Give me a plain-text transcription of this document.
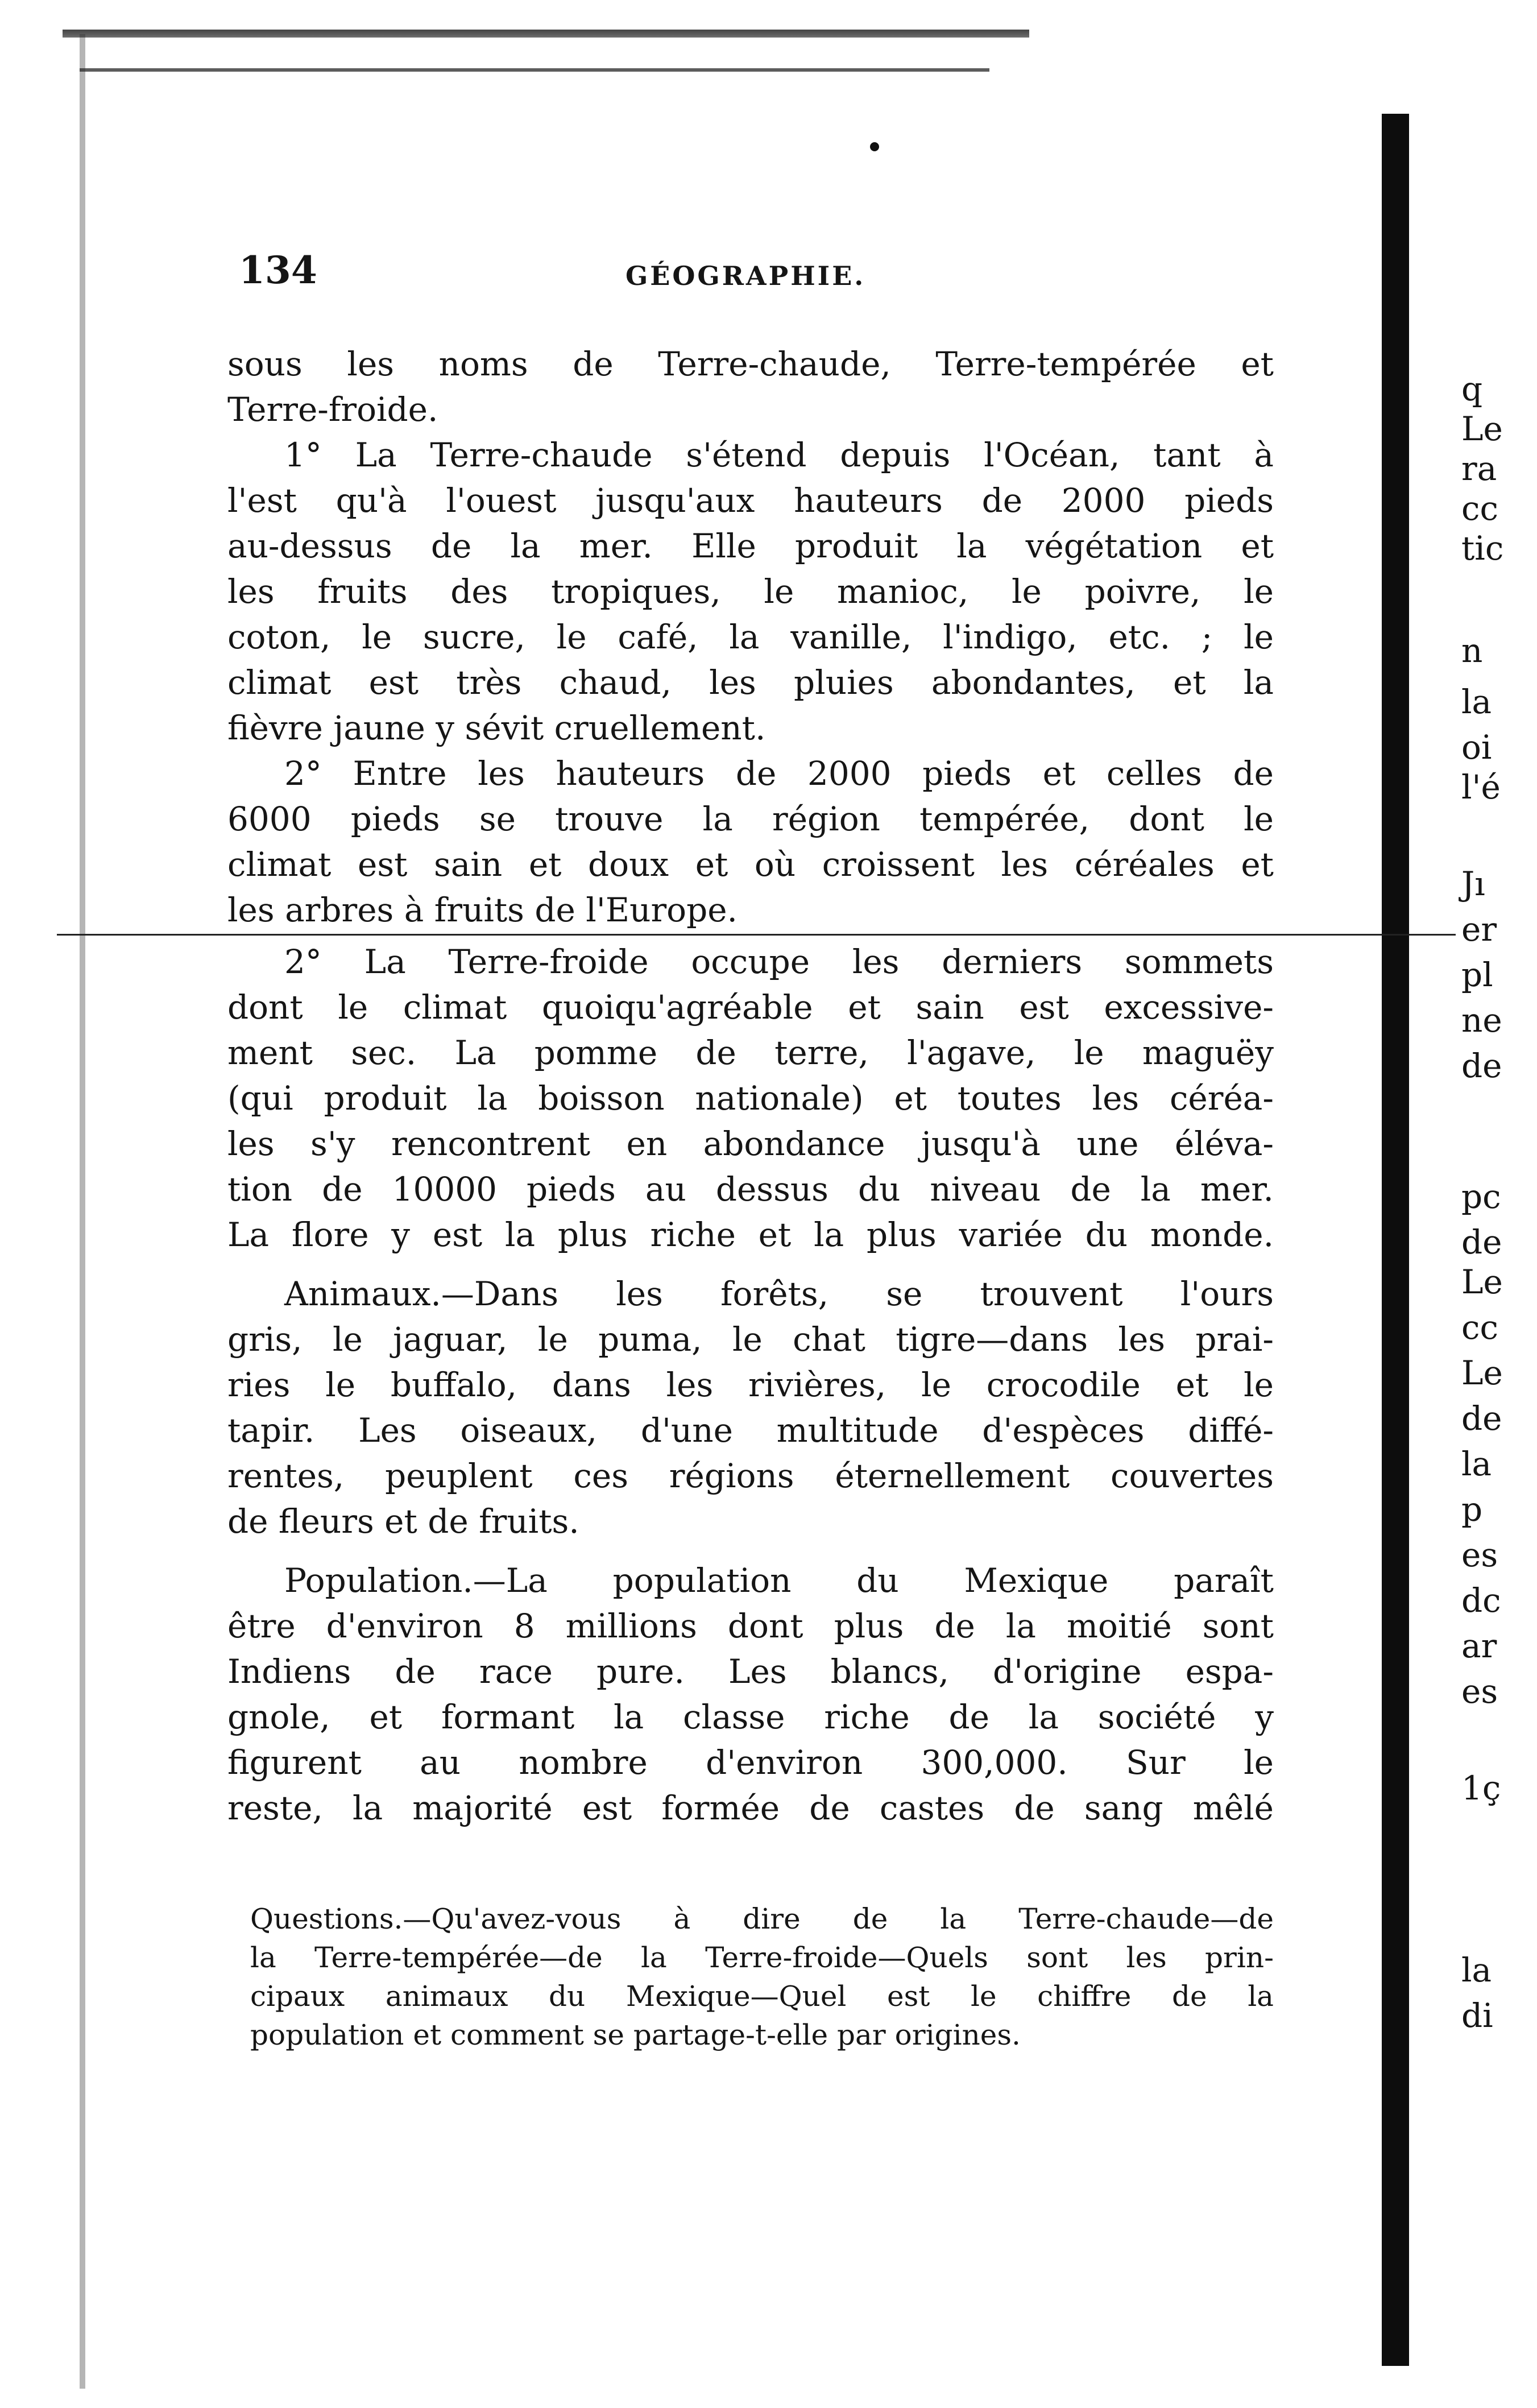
134	GÉOGRAPHIE.
sous les noms de Terre-chaude, Terre-tempérée et
Terre-froide.
1° La Terre-chaude s'étend depuis l'Océan, tant à
l'est qu'à l'ouest jusqu'aux hauteurs de 2000 pieds
au-dessus de la mer. Elle produit la végétation et
les fruits des tropiques, le manioc, le poivre, le
coton, le sucre, le café, la vanille, l'indigo, etc. ; le
climat est très chaud, les pluies abondantes, et la
fièvre jaune y sévit cruellement.
2° Entre les hauteurs de 2000 pieds et celles de
6000 pieds se trouve la région tempérée, dont le
climat est sain et doux et où croissent les céréales et
les arbres à fruits de l'Europe.
2° La Terre-froide occupe les derniers sommets
dont le climat quoiqu'agréable et sain est excessive-
ment sec. La pomme de terre, l'agave, le maguëy
(qui produit la boisson nationale) et toutes les céréa-
les s'y rencontrent en abondance jusqu'à une éléva-
tion de 10000 pieds au dessus du niveau de la mer.
La flore y est la plus riche et la plus variée du monde.
Animaux.—Dans les forêts, se trouvent l'ours
gris, le jaguar, le puma, le chat tigre—dans les prai-
ries le buffalo, dans les rivières, le crocodile et le
tapir. Les oiseaux, d'une multitude d'espèces diffé-
rentes, peuplent ces régions éternellement couvertes
de fleurs et de fruits.
Population.—La population du Mexique paraît
être d'environ 8 millions dont plus de la moitié sont
Indiens de race pure. Les blancs, d'origine espa-
gnole, et formant la classe riche de la société y
figurent au nombre d'environ 300,000. Sur le
reste, la majorité est formée de castes de sang mêlé
Questions.—Qu'avez-vous à dire de la Terre-chaude—de
la Terre-tempérée—de la Terre-froide—Quels sont les prin-
cipaux animaux du Mexique—Quel est le chiffre de la
population et comment se partage-t-elle par origines.
q
Le
ra
cc
tic
n
la
oi
l'é
Jı
er
pl
ne
de
pc
de
Le
cc
Le
de
la
p
es
dc
ar
es
1ç
la
di
